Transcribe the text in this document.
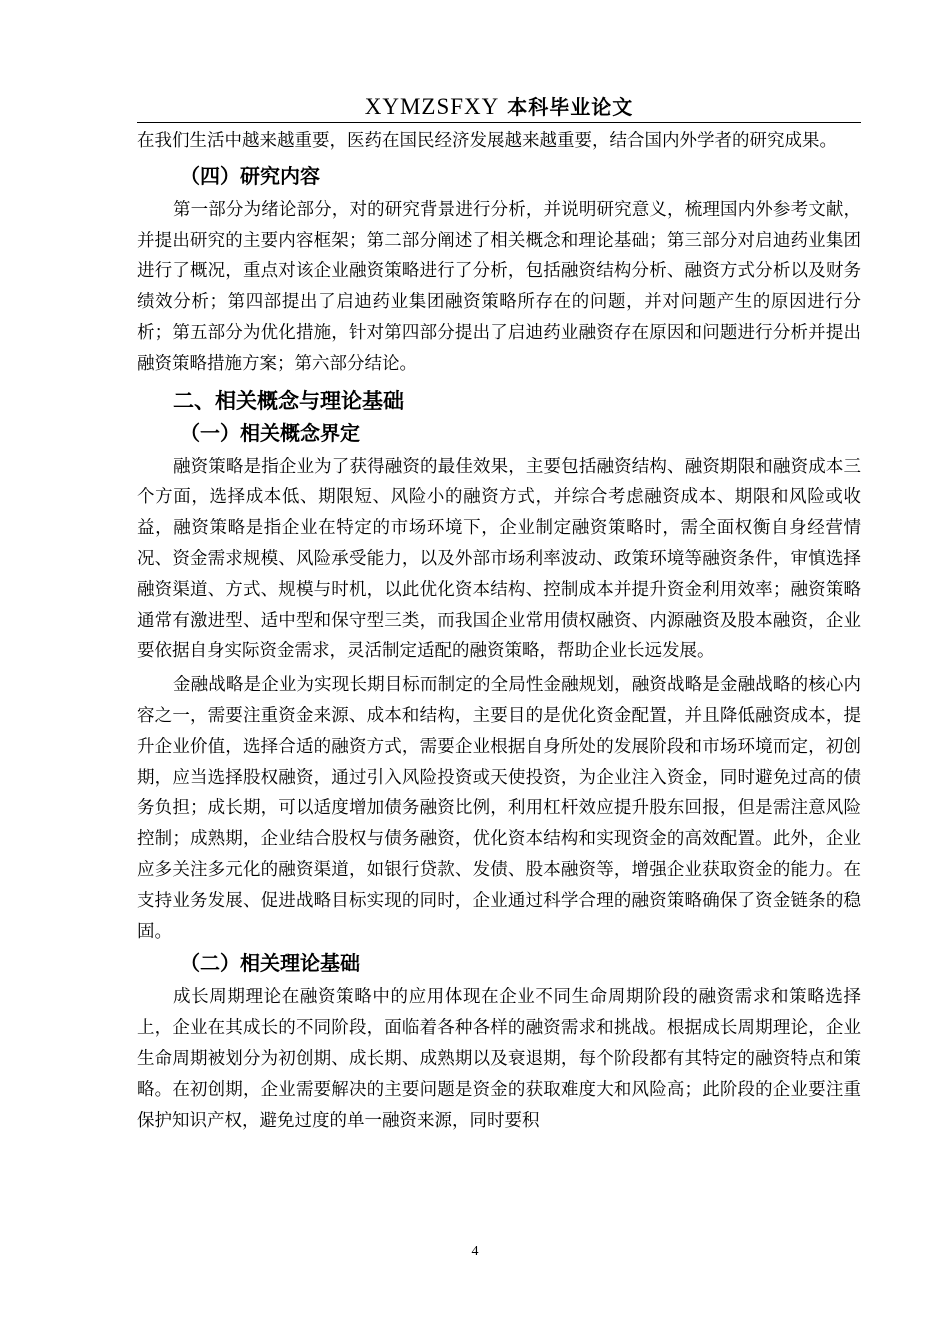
XYMZSFXY 本科毕业论文

在我们生活中越来越重要，医药在国民经济发展越来越重要，结合国内外学者的研究成果。

（四）研究内容

第一部分为绪论部分，对的研究背景进行分析，并说明研究意义，梳理国内外参考文献，并提出研究的主要内容框架；第二部分阐述了相关概念和理论基础；第三部分对启迪药业集团进行了概况，重点对该企业融资策略进行了分析，包括融资结构分析、融资方式分析以及财务绩效分析；第四部提出了启迪药业集团融资策略所存在的问题，并对问题产生的原因进行分析；第五部分为优化措施，针对第四部分提出了启迪药业融资存在原因和问题进行分析并提出融资策略措施方案；第六部分结论。

二、相关概念与理论基础
（一）相关概念界定

融资策略是指企业为了获得融资的最佳效果，主要包括融资结构、融资期限和融资成本三个方面，选择成本低、期限短、风险小的融资方式，并综合考虑融资成本、期限和风险或收益，融资策略是指企业在特定的市场环境下，企业制定融资策略时，需全面权衡自身经营情况、资金需求规模、风险承受能力，以及外部市场利率波动、政策环境等融资条件，审慎选择融资渠道、方式、规模与时机，以此优化资本结构、控制成本并提升资金利用效率；融资策略通常有激进型、适中型和保守型三类，而我国企业常用债权融资、内源融资及股本融资，企业要依据自身实际资金需求，灵活制定适配的融资策略，帮助企业长远发展。

金融战略是企业为实现长期目标而制定的全局性金融规划，融资战略是金融战略的核心内容之一，需要注重资金来源、成本和结构，主要目的是优化资金配置，并且降低融资成本，提升企业价值，选择合适的融资方式，需要企业根据自身所处的发展阶段和市场环境而定，初创期，应当选择股权融资，通过引入风险投资或天使投资，为企业注入资金，同时避免过高的债务负担；成长期，可以适度增加债务融资比例，利用杠杆效应提升股东回报，但是需注意风险控制；成熟期，企业结合股权与债务融资，优化资本结构和实现资金的高效配置。此外，企业应多关注多元化的融资渠道，如银行贷款、发债、股本融资等，增强企业获取资金的能力。在支持业务发展、促进战略目标实现的同时，企业通过科学合理的融资策略确保了资金链条的稳固。

（二）相关理论基础

成长周期理论在融资策略中的应用体现在企业不同生命周期阶段的融资需求和策略选择上，企业在其成长的不同阶段，面临着各种各样的融资需求和挑战。根据成长周期理论，企业生命周期被划分为初创期、成长期、成熟期以及衰退期，每个阶段都有其特定的融资特点和策略。在初创期，企业需要解决的主要问题是资金的获取难度大和风险高；此阶段的企业要注重保护知识产权，避免过度的单一融资来源，同时要积

4
